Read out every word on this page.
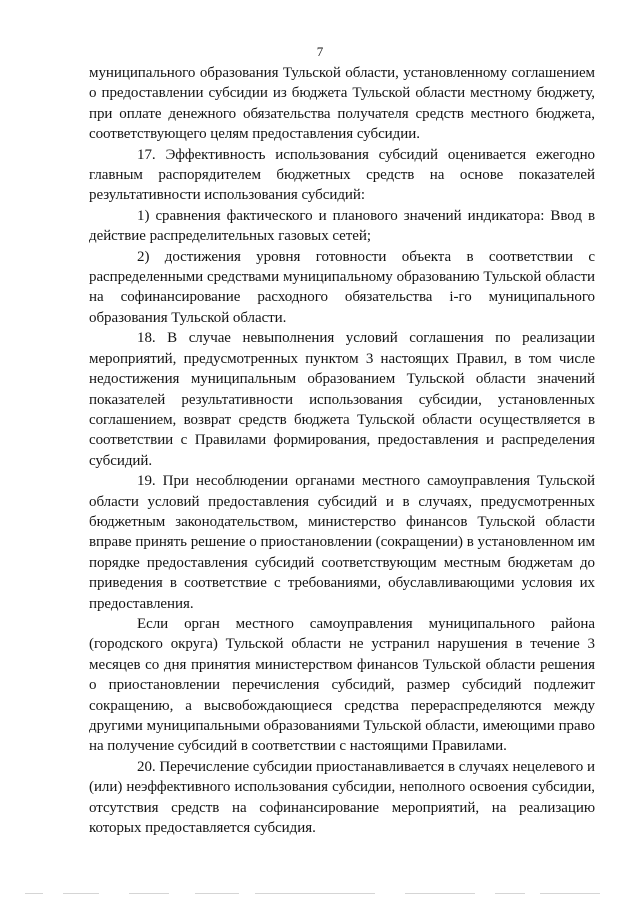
7

муниципального образования Тульской области, установленному соглашением о предоставлении субсидии из бюджета Тульской области местному бюджету, при оплате денежного обязательства получателя средств местного бюджета, соответствующего целям предоставления субсидии.

17. Эффективность использования субсидий оценивается ежегодно главным распорядителем бюджетных средств на основе показателей результативности использования субсидий:

1) сравнения фактического и планового значений индикатора: Ввод в действие распределительных газовых сетей;

2) достижения уровня готовности объекта в соответствии с распределенными средствами муниципальному образованию Тульской области на софинансирование расходного обязательства i-го муниципального образования Тульской области.

18. В случае невыполнения условий соглашения по реализации мероприятий, предусмотренных пунктом 3 настоящих Правил, в том числе недостижения муниципальным образованием Тульской области значений показателей результативности использования субсидии, установленных соглашением, возврат средств бюджета Тульской области осуществляется в соответствии с Правилами формирования, предоставления и распределения субсидий.

19. При несоблюдении органами местного самоуправления Тульской области условий предоставления субсидий и в случаях, предусмотренных бюджетным законодательством, министерство финансов Тульской области вправе принять решение о приостановлении (сокращении) в установленном им порядке предоставления субсидий соответствующим местным бюджетам до приведения в соответствие с требованиями, обуславливающими условия их предоставления.

Если орган местного самоуправления муниципального района (городского округа) Тульской области не устранил нарушения в течение 3 месяцев со дня принятия министерством финансов Тульской области решения о приостановлении перечисления субсидий, размер субсидий подлежит сокращению, а высвобождающиеся средства перераспределяются между другими муниципальными образованиями Тульской области, имеющими право на получение субсидий в соответствии с настоящими Правилами.

20. Перечисление субсидии приостанавливается в случаях нецелевого и (или) неэффективного использования субсидии, неполного освоения субсидии, отсутствия средств на софинансирование мероприятий, на реализацию которых предоставляется субсидия.
